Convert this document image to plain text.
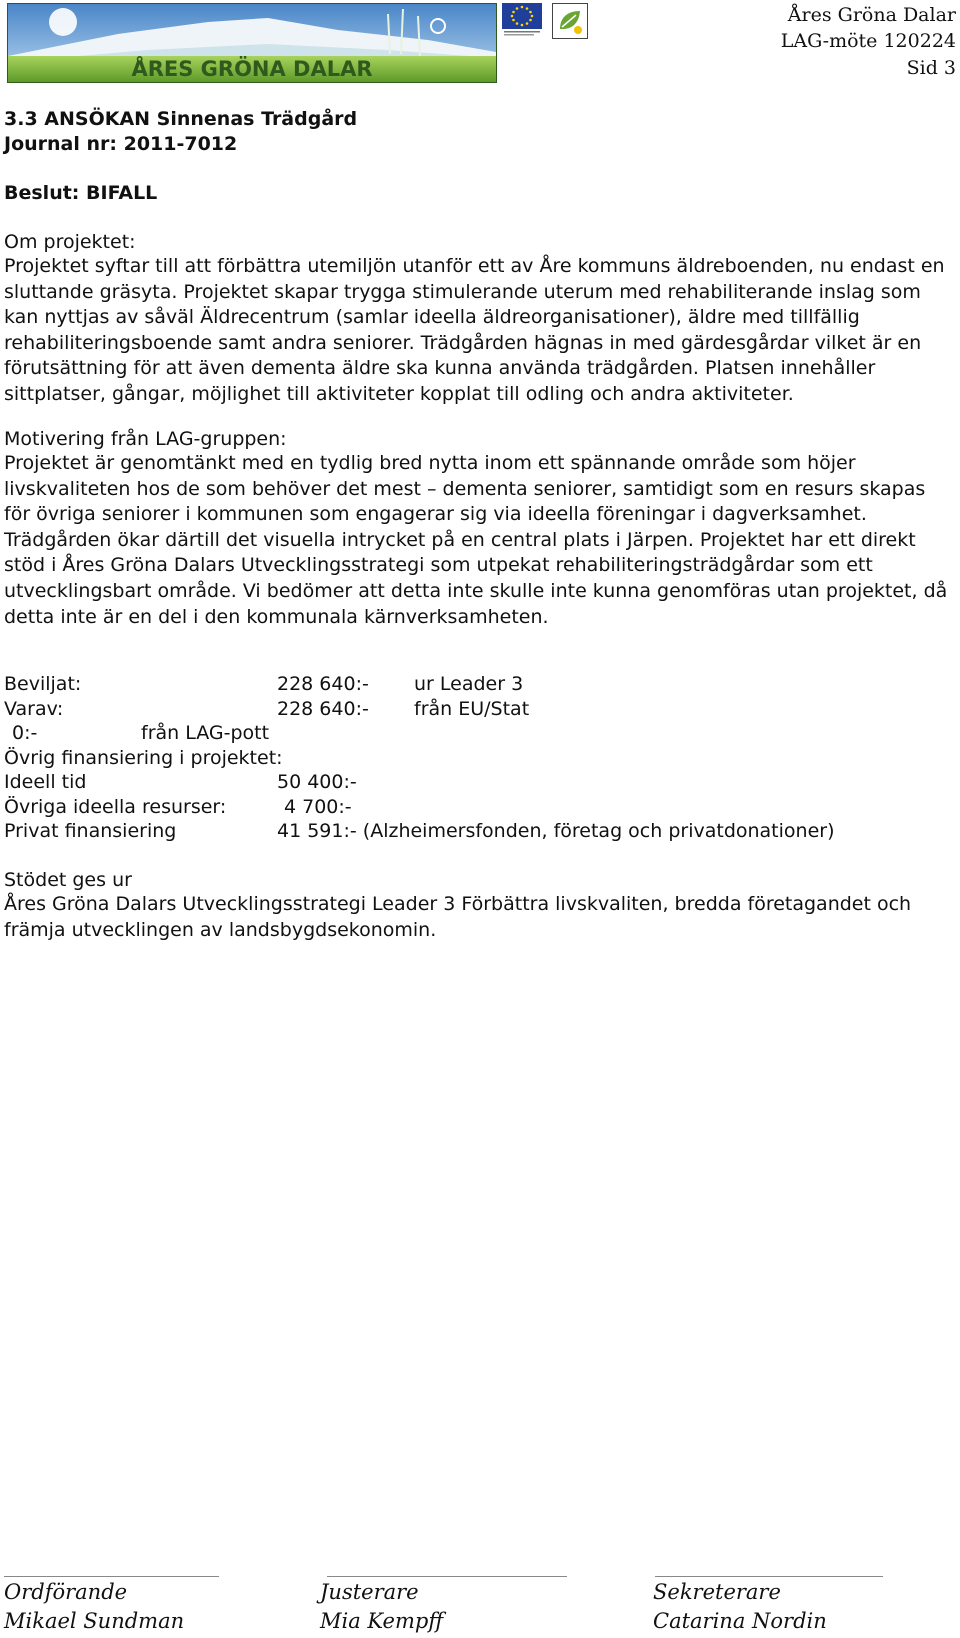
ÅRES GRÖNA DALAR
Åres Gröna Dalar
LAG-möte 120224
Sid 3
3.3 ANSÖKAN Sinnenas Trädgård
Journal nr: 2011-7012
Beslut: BIFALL
Om projektet:
Projektet syftar till att förbättra utemiljön utanför ett av Åre kommuns äldreboenden, nu endast en sluttande gräsyta. Projektet skapar trygga stimulerande uterum med rehabiliterande inslag som kan nyttjas av såväl Äldrecentrum (samlar ideella äldreorganisationer), äldre med tillfällig rehabiliteringsboende samt andra seniorer. Trädgården hägnas in med gärdesgårdar vilket är en förutsättning för att även dementa äldre ska kunna använda trädgården. Platsen innehåller sittplatser, gångar, möjlighet till aktiviteter kopplat till odling och andra aktiviteter.
Motivering från LAG-gruppen:
Projektet är genomtänkt med en tydlig bred nytta inom ett spännande område som höjer livskvaliteten hos de som behöver det mest – dementa seniorer, samtidigt som en resurs skapas för övriga seniorer i kommunen som engagerar sig via ideella föreningar i dagverksamhet. Trädgården ökar därtill det visuella intrycket på en central plats i Järpen. Projektet har ett direkt stöd i Åres Gröna Dalars Utvecklingsstrategi som utpekat rehabiliteringsträdgårdar som ett utvecklingsbart område. Vi bedömer att detta inte skulle inte kunna genomföras utan projektet, då detta inte är en del i den kommunala kärnverksamheten.
Beviljat:	228 640:- ur Leader 3
Varav:	228 640:- från EU/Stat
0:-	från LAG-pott
Övrig finansiering i projektet:
Ideell tid	50 400:-
Övriga ideella resurser:	4 700:-
Privat finansiering	41 591:- (Alzheimersfonden, företag och privatdonationer)
Stödet ges ur
Åres Gröna Dalars Utvecklingsstrategi Leader 3 Förbättra livskvaliten, bredda företagandet och främja utvecklingen av landsbygdsekonomin.
Ordförande
Mikael Sundman
Justerare
Mia Kempff
Sekreterare
Catarina Nordin
